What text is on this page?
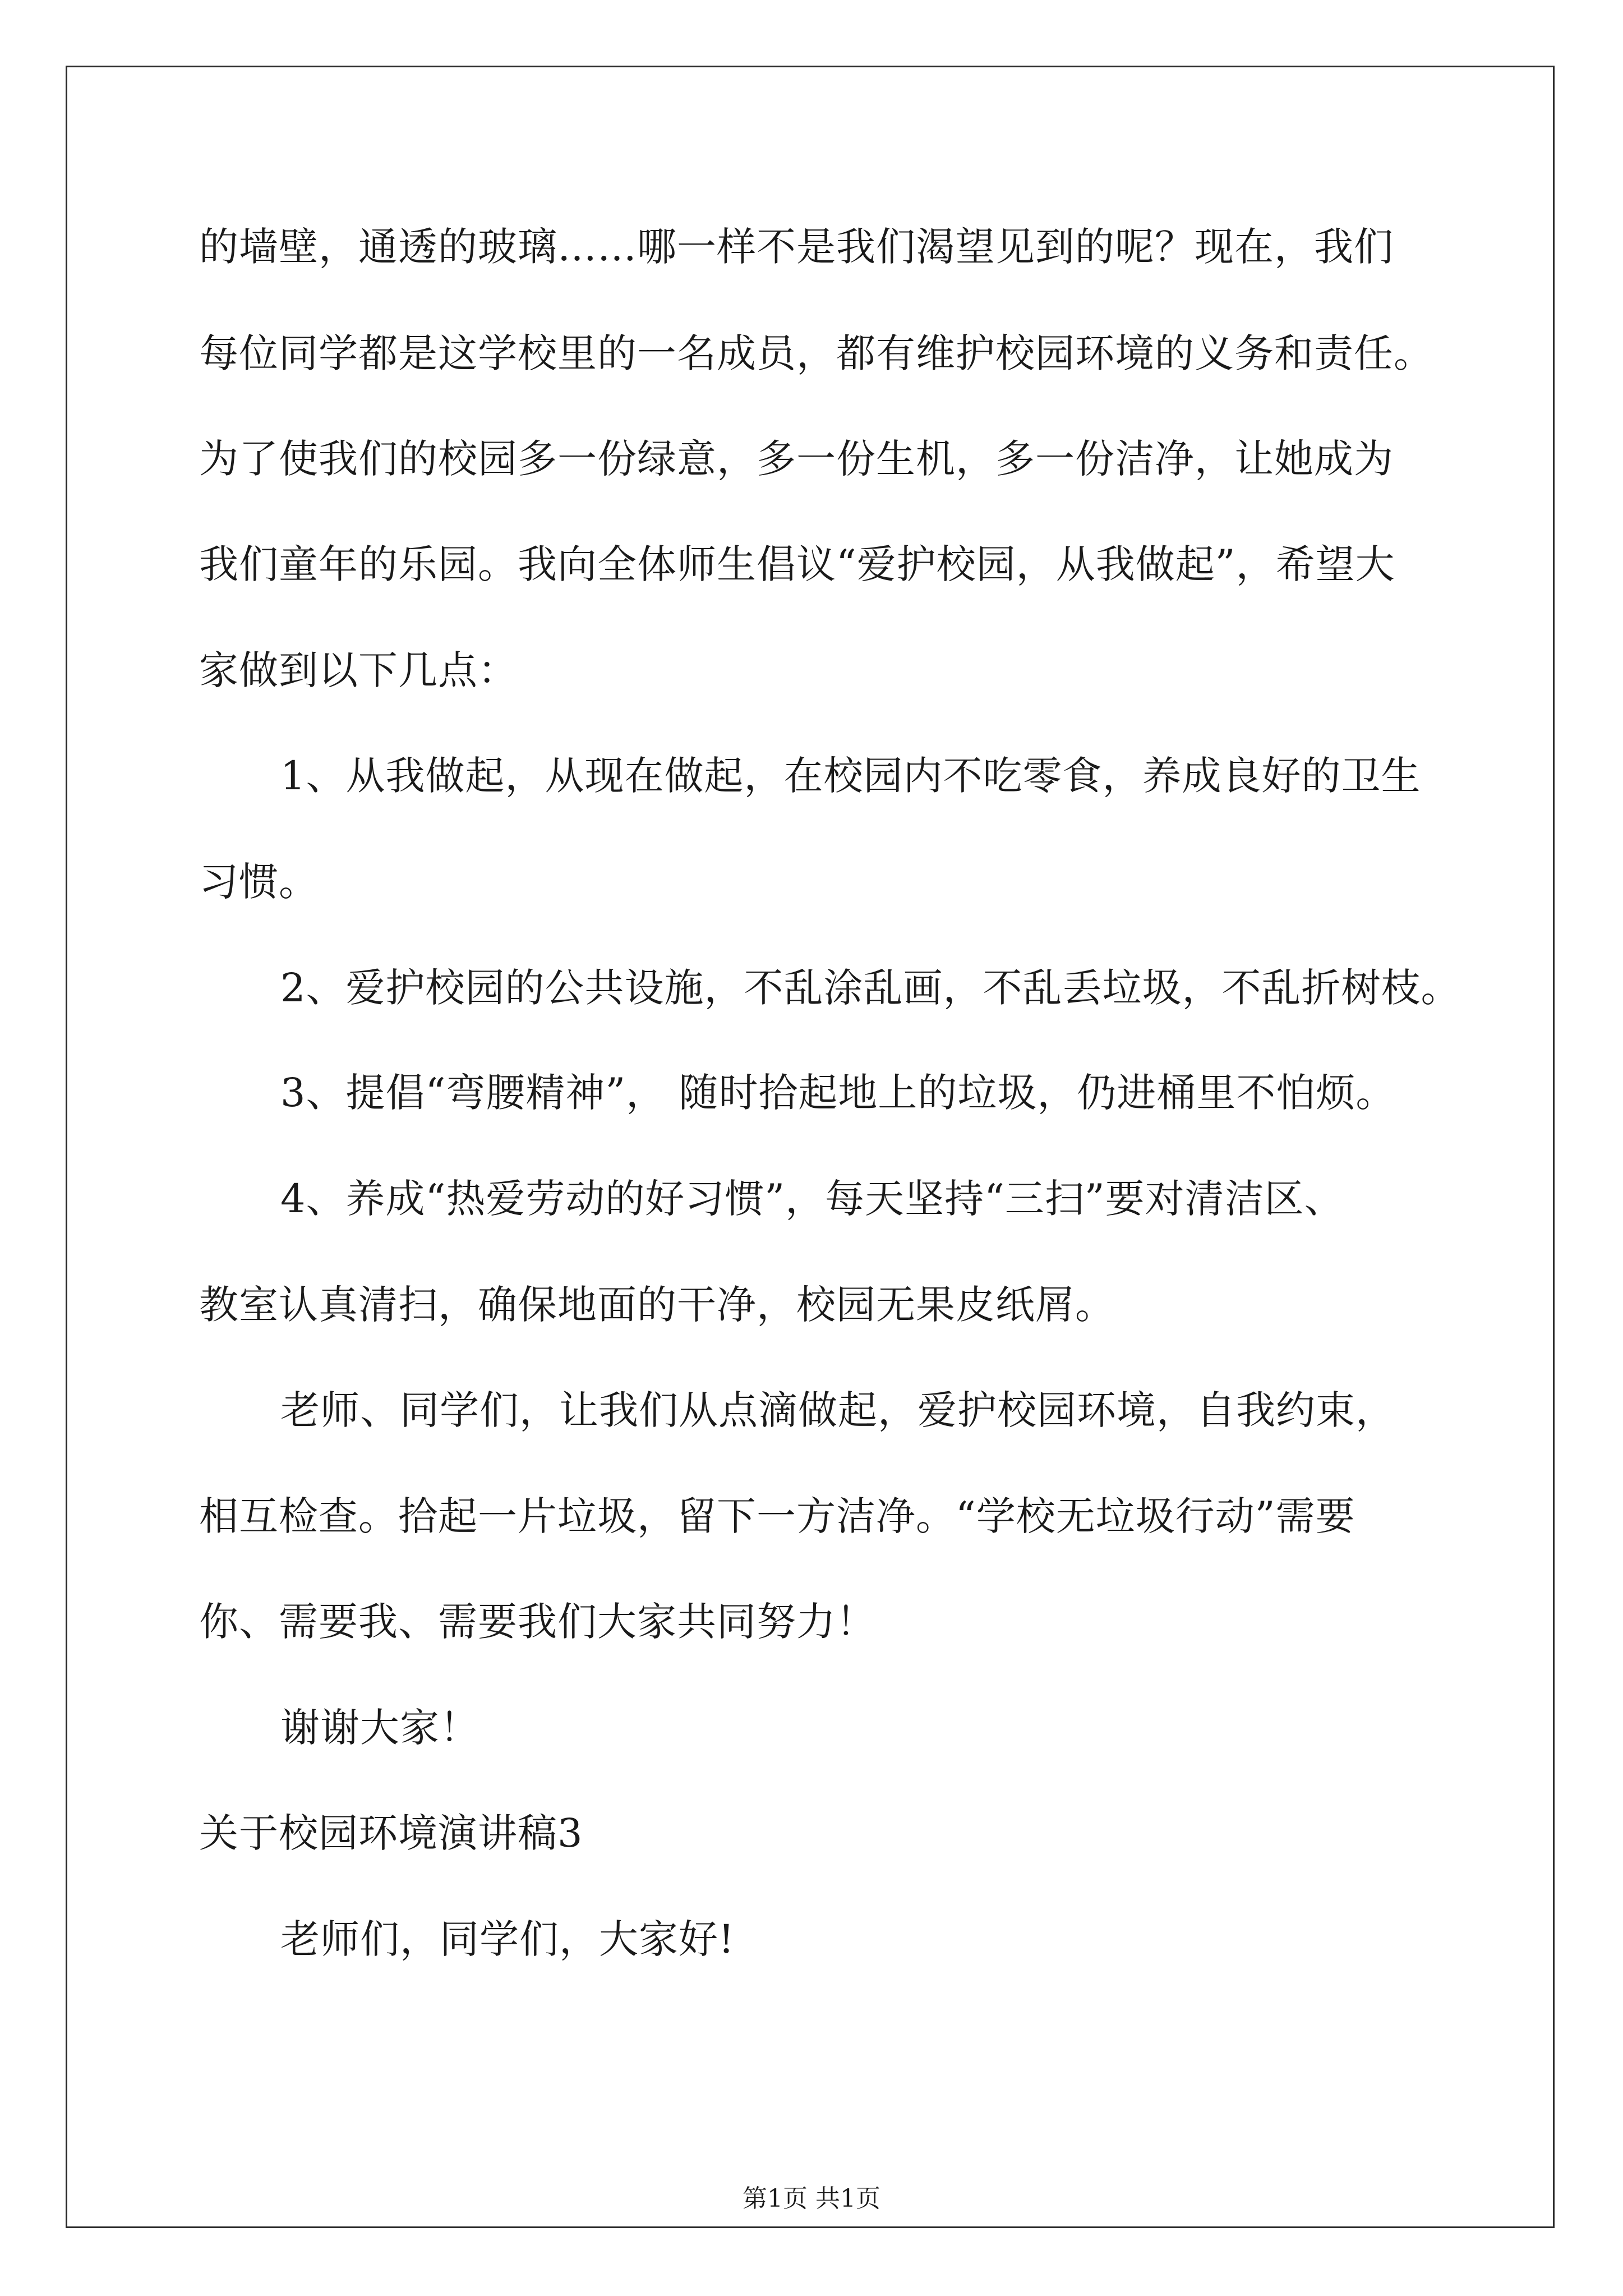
的墙壁，通透的玻璃……哪一样不是我们渴望见到的呢？现在，我们
每位同学都是这学校里的一名成员，都有维护校园环境的义务和责任。
为了使我们的校园多一份绿意，多一份生机，多一份洁净，让她成为
我们童年的乐园。我向全体师生倡议“爱护校园，从我做起”，希望大
家做到以下几点：
1、从我做起，从现在做起，在校园内不吃零食，养成良好的卫生
习惯。
2、爱护校园的公共设施，不乱涂乱画，不乱丢垃圾，不乱折树枝。
3、提倡“弯腰精神”， 随时拾起地上的垃圾，仍进桶里不怕烦。
4、养成“热爱劳动的好习惯”，每天坚持“三扫”要对清洁区、
教室认真清扫，确保地面的干净，校园无果皮纸屑。
老师、同学们，让我们从点滴做起，爱护校园环境，自我约束，
相互检查。拾起一片垃圾，留下一方洁净。“学校无垃圾行动”需要
你、需要我、需要我们大家共同努力！
谢谢大家！
关于校园环境演讲稿3
老师们，同学们，大家好!
第1页 共1页
